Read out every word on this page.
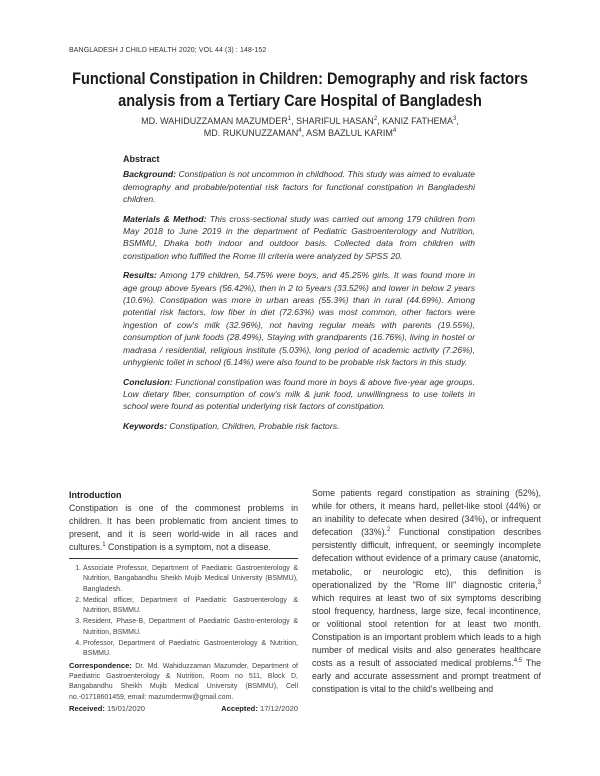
BANGLADESH J CHILD HEALTH 2020; VOL 44 (3) : 148-152
Functional Constipation in Children: Demography and risk factors
analysis from a Tertiary Care Hospital of Bangladesh
MD. WAHIDUZZAMAN MAZUMDER$^1$, SHARIFUL HASAN$^2$, KANIZ FATHEMA$^3$,
MD. RUKUNUZZAMAN$^4$, ASM BAZLUL KARIM$^4$
Abstract

Background: Constipation is not uncommon in childhood. This study was aimed to evaluate demography and probable/potential risk factors for functional constipation in Bangladeshi children.

Materials & Method: This cross-sectional study was carried out among 179 children from May 2018 to June 2019 in the department of Pediatric Gastroenterology and Nutrition, BSMMU, Dhaka both indoor and outdoor basis. Collected data from children with constipation who fulfilled the Rome III criteria were analyzed by SPSS 20.

Results: Among 179 children, 54.75% were boys, and 45.25% girls. It was found more in age group above 5years (56.42%), then in 2 to 5years (33.52%) and lower in below 2 years (10.6%). Constipation was more in urban areas (55.3%) than in rural (44.69%). Among potential risk factors, low fiber in diet (72.63%) was most common, other factors were ingestion of cow's milk (32.96%), not having regular meals with parents (19.55%), consumption of junk foods (28.49%), Staying with grandparents (16.76%), living in hostel or madrasa / residential, religious institute (5.03%), long period of academic activity (7.26%), unhygienic toilet in school (6.14%) were also found to be probable risk factors in this study.

Conclusion: Functional constipation was found more in boys & above five-year age groups. Low dietary fiber, consumption of cow's milk & junk food, unwillingness to use toilets in school were found as potential underlying risk factors of constipation.

Keywords: Constipation, Children, Probable risk factors.

Introduction

Constipation is one of the commonest problems in children. It has been problematic from ancient times to present, and it is seen world-wide in all races and cultures.$^1$ Constipation is a symptom, not a disease.

1. Associate Professor, Department of Paediatric Gastroenterology & Nutrition, Bangabandhu Sheikh Mujib Medical University (BSMMU), Bangladesh.
2. Medical officer, Department of Paediatric Gastroenterology & Nutrition, BSMMU.
3. Resident, Phase-B, Department of Paediatric Gastro-enterology & Nutrition, BSMMU.
4. Professor, Department of Paediatric Gastroenterology & Nutrition, BSMMU.

Correspondence: Dr. Md. Wahiduzzaman Mazumder, Department of Paediatric Gastroenterology & Nutrition, Room no 511, Block D, Bangabandhu Sheikh Mujib Medical University (BSMMU), Cell no.-01718601459, email: mazumdermw@gmail.com.

Received: 15/01/2020	Accepted: 17/12/2020

Some patients regard constipation as straining (52%), while for others, it means hard, pellet-like stool (44%) or an inability to defecate when desired (34%), or infrequent defecation (33%).$^2$ Functional constipation describes persistently difficult, infrequent, or seemingly incomplete defecation without evidence of a primary cause (anatomic, metabolic, or neurologic etc), this definition is operationalized by the "Rome III" diagnostic criteria,$^3$ which requires at least two of six symptoms describing stool frequency, hardness, large size, fecal incontinence, or volitional stool retention for at least two month. Constipation is an important problem which leads to a high number of medical visits and also generates healthcare costs as a result of associated medical problems.$^{4,5}$ The early and accurate assessment and prompt treatment of constipation is vital to the child's wellbeing and
